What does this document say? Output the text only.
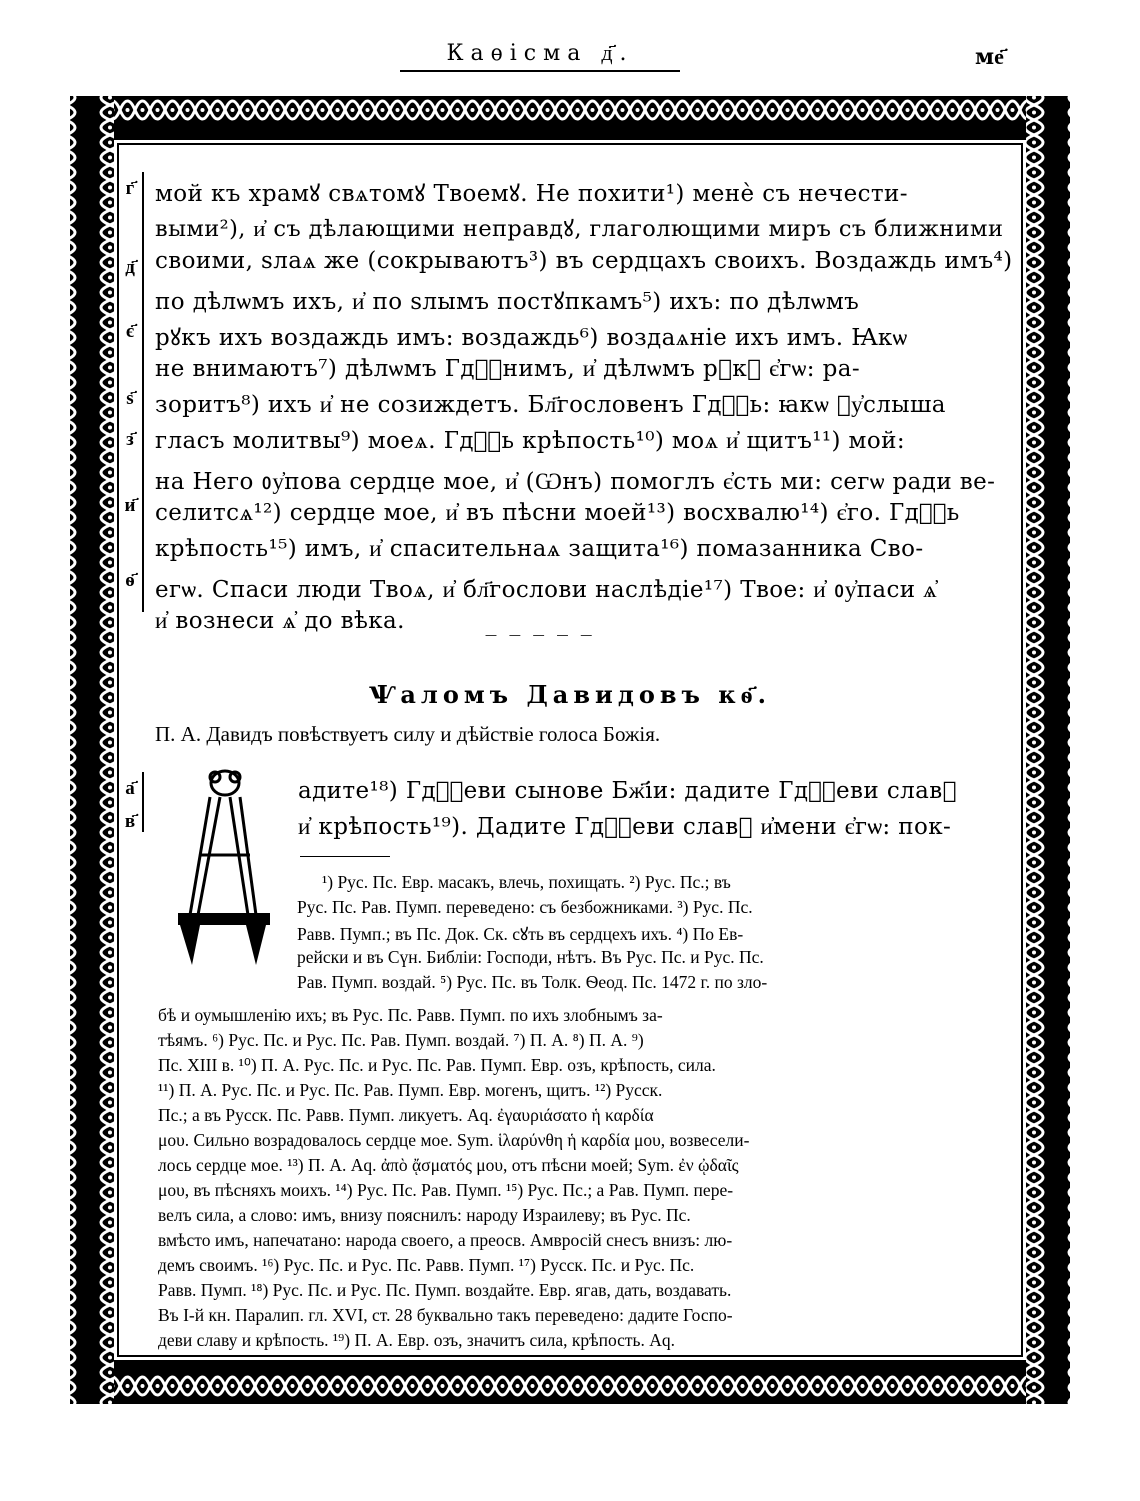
Каѳісма д҃.	ме҃
г҃
д҃
є҃
ѕ҃
з҃
и҃
ѳ҃
а҃
в҃
мой къ храмꙋ свѧтомꙋ Твоемꙋ. Не похити¹) менѐ съ нечести-
выми²), и҆ съ дѣлающими неправдꙋ, глаголющими миръ съ ближними
своими, ѕлаѧ же (сокрываютъ³) въ сердцахъ своихъ. Воздаждь имъ⁴)
по дѣлѡмъ ихъ, и҆ по ѕлымъ постꙋпкамъ⁵) ихъ: по дѣлѡмъ
рꙋкъ ихъ воздаждь имъ: воздаждь⁶) воздаѧніе ихъ имъ. Ꙗкѡ
не внимаютъ⁷) дѣлѡмъ Гдⷭ҇нимъ, и҆ дѣлѡмъ рꙋкꙋ є҆гѡ: ра-
зоритъ⁸) ихъ и҆ не созиждетъ. Бл҃гословенъ Гдⷭ҇ь: ꙗкѡ ᲂу҆слыша
гласъ молитвы⁹) моеѧ. Гдⷭ҇ь крѣпость¹⁰) моѧ и҆ щитъ¹¹) мой:
на Него ᲂу҆пова сердце мое, и҆ (Ѡнъ) помоглъ є҆сть ми: сегѡ ради ве-
селитсѧ¹²) сердце мое, и҆ въ пѣсни моей¹³) восхвалю¹⁴) є҆го. Гдⷭ҇ь
крѣпость¹⁵) имъ, и҆ спасительнаѧ защита¹⁶) помазанника Сво-
егѡ. Спаси люди Твоѧ, и҆ бл҃гослови наслѣдіе¹⁷) Твое: и҆ ᲂу҆паси ѧ҆
и҆ вознеси ѧ҆ до вѣка.
— — — — —
Ѱаломъ Давидовъ кѳ҃.
П. А. Давидъ повѣствуетъ силу и дѣйствіе голоса Божія.
адите¹⁸) Гдⷭ҇еви сынове Бж҃іи: дадите Гдⷭ҇еви славꙋ
и҆ крѣпость¹⁹). Дадите Гдⷭ҇еви славꙋ и҆мени є҆гѡ: пок-
¹) Рус. Пс. Евр. масакъ, влечь, похищать. ²) Рус. Пс.; въ
Рус. Пс. Рав. Пумп. переведено: съ безбожниками. ³) Рус. Пс.
Равв. Пумп.; въ Пс. Док. Ск. сꙋть въ сердцехъ ихъ. ⁴) По Ев-
рейски и въ Сүн. Библіи: Господи, нѣтъ. Въ Рус. Пс. и Рус. Пс.
Рав. Пумп. воздай. ⁵) Рус. Пс. въ Толк. Ѳеод. Пс. 1472 г. по зло-
бѣ и оумышленію ихъ; въ Рус. Пс. Равв. Пумп. по ихъ злобнымъ за-
тѣямъ. ⁶) Рус. Пс. и Рус. Пс. Рав. Пумп. воздай. ⁷) П. А. ⁸) П. А. ⁹)
Пс. XIII в. ¹⁰) П. А. Рус. Пс. и Рус. Пс. Рав. Пумп. Евр. озъ, крѣпость, сила.
¹¹) П. А. Рус. Пс. и Рус. Пс. Рав. Пумп. Евр. могенъ, щитъ. ¹²) Русск.
Пс.; а въ Русск. Пс. Равв. Пумп. ликуетъ. Aq. ἐγαυριάσατο ἡ καρδία
μου. Сильно возрадовалось сердце мое. Sym. ἱλαρύνθη ἡ καρδία μου, возвесели-
лось сердце мое. ¹³) П. А. Aq. ἀπὸ ᾄσματός μου, отъ пѣсни моей; Sym. ἐν ᾠδαῖς
μου, въ пѣсняхъ моихъ. ¹⁴) Рус. Пс. Рав. Пумп. ¹⁵) Рус. Пс.; а Рав. Пумп. пере-
велъ сила, а слово: имъ, внизу пояснилъ: народу Израилеву; въ Рус. Пс.
вмѣсто имъ, напечатано: народа своего, а преосв. Амвросій снесъ внизъ: лю-
демъ своимъ. ¹⁶) Рус. Пс. и Рус. Пс. Равв. Пумп. ¹⁷) Русск. Пс. и Рус. Пс.
Равв. Пумп. ¹⁸) Рус. Пс. и Рус. Пс. Пумп. воздайте. Евр. ягав, дать, воздавать.
Въ I-й кн. Паралип. гл. XVI, ст. 28 буквально такъ переведено: дадите Госпо-
деви славу и крѣпость. ¹⁹) П. А. Евр. озъ, значитъ сила, крѣпость. Aq.
